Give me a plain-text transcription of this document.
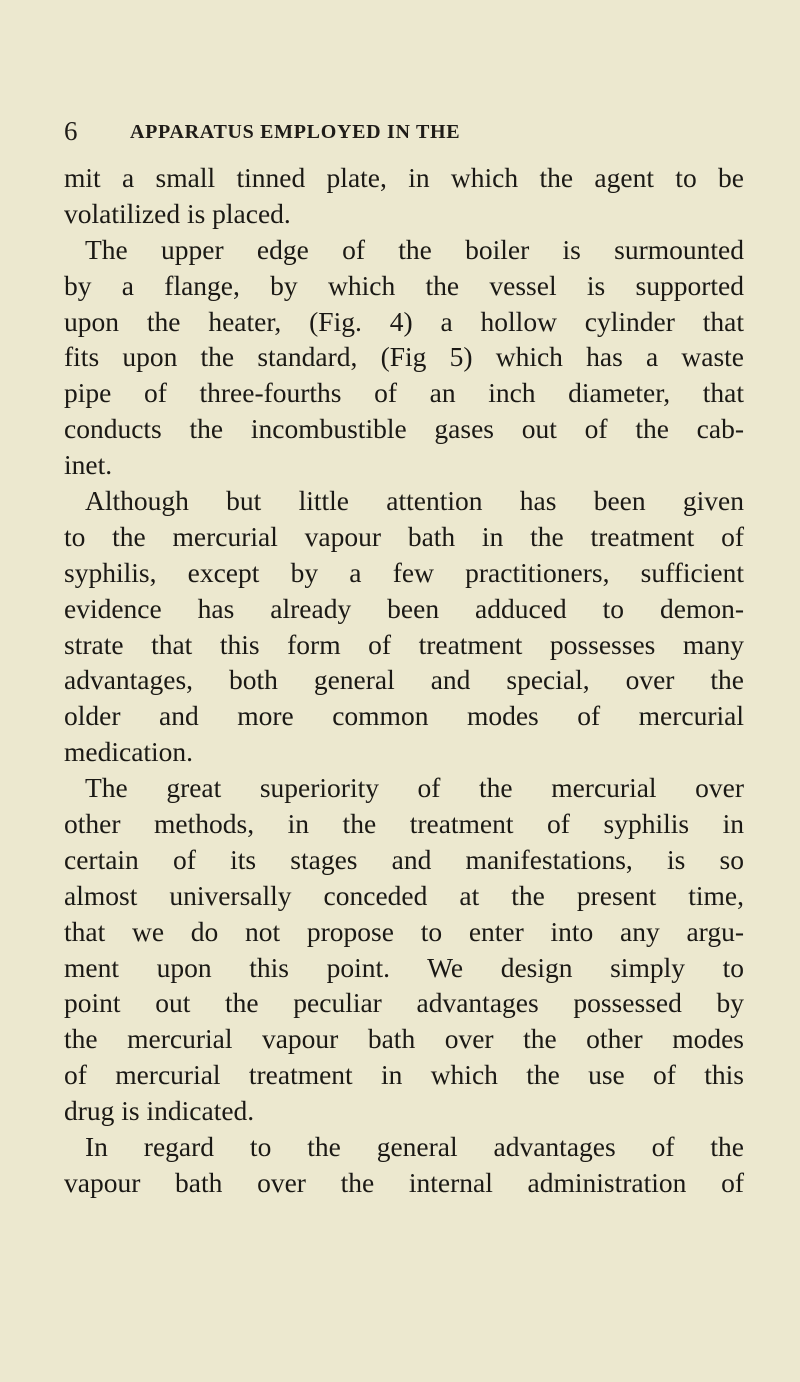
6	APPARATUS EMPLOYED IN THE
mit a small tinned plate, in which the agent to be
volatilized is placed.
The upper edge of the boiler is surmounted
by a flange, by which the vessel is supported
upon the heater, (Fig. 4) a hollow cylinder that
fits upon the standard, (Fig 5) which has a waste
pipe of three-fourths of an inch diameter, that
conducts the incombustible gases out of the cab-
inet.
Although but little attention has been given
to the mercurial vapour bath in the treatment of
syphilis, except by a few practitioners, sufficient
evidence has already been adduced to demon-
strate that this form of treatment possesses many
advantages, both general and special, over the
older and more common modes of mercurial
medication.
The great superiority of the mercurial over
other methods, in the treatment of syphilis in
certain of its stages and manifestations, is so
almost universally conceded at the present time,
that we do not propose to enter into any argu-
ment upon this point. We design simply to
point out the peculiar advantages possessed by
the mercurial vapour bath over the other modes
of mercurial treatment in which the use of this
drug is indicated.
In regard to the general advantages of the
vapour bath over the internal administration of
